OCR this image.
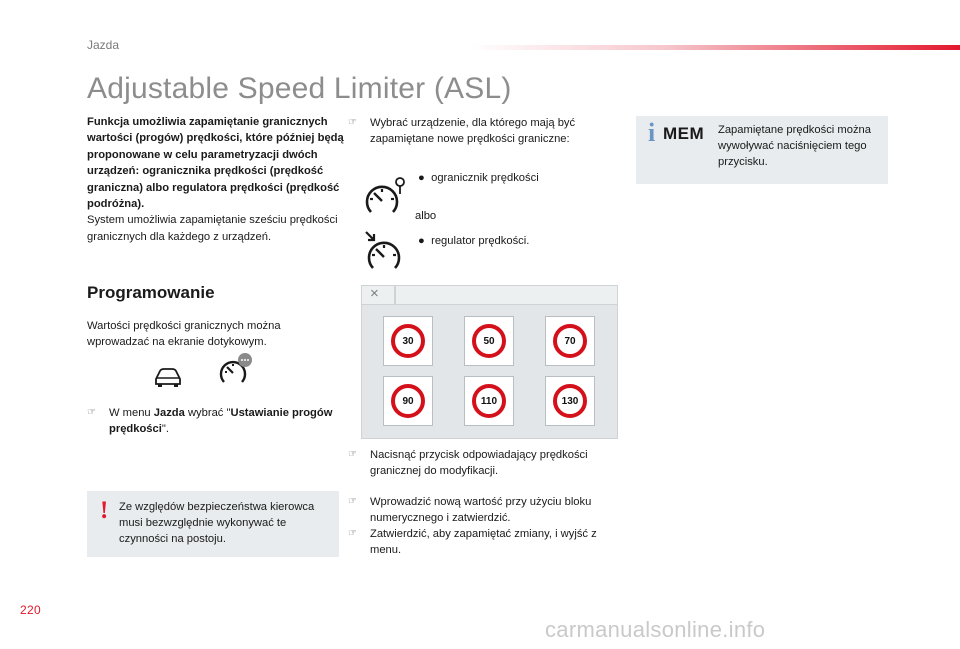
Jazda
Adjustable Speed Limiter (ASL)
Funkcja umożliwia zapamiętanie granicznych wartości (progów) prędkości, które później będą proponowane w celu parametryzacji dwóch urządzeń: ogranicznika prędkości (prędkość graniczna) albo regulatora prędkości (prędkość podróżna).
System umożliwia zapamiętanie sześciu prędkości granicznych dla każdego z urządzeń.
Programowanie
Wartości prędkości granicznych można wprowadzać na ekranie dotykowym.
☞ W menu Jazda wybrać "Ustawianie progów prędkości".
! Ze względów bezpieczeństwa kierowca musi bezwzględnie wykonywać te czynności na postoju.
☞ Wybrać urządzenie, dla którego mają być zapamiętane nowe prędkości graniczne:
● ogranicznik prędkości
albo
● regulator prędkości.
×
30	50	70
90	110	130
☞ Nacisnąć przycisk odpowiadający prędkości granicznej do modyfikacji.
☞ Wprowadzić nową wartość przy użyciu bloku numerycznego i zatwierdzić.
☞ Zatwierdzić, aby zapamiętać zmiany, i wyjść z menu.
i MEM Zapamiętane prędkości można wywoływać naciśnięciem tego przycisku.
220
carmanualsonline.info
